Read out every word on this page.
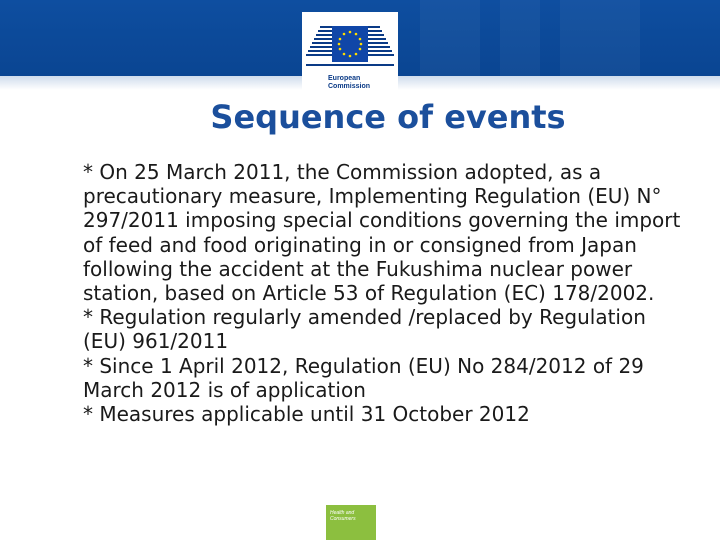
European
Commission
Sequence of events

* On 25 March 2011, the Commission adopted, as a precautionary measure, Implementing Regulation (EU) N° 297/2011 imposing special conditions governing the import of feed and food originating in or consigned from Japan following the accident at the Fukushima nuclear power station, based on Article 53 of Regulation (EC) 178/2002.

* Regulation regularly amended /replaced by Regulation (EU) 961/2011

* Since 1 April 2012, Regulation (EU) No 284/2012 of 29 March 2012 is of application

* Measures applicable until 31 October 2012

Health and
Consumers
